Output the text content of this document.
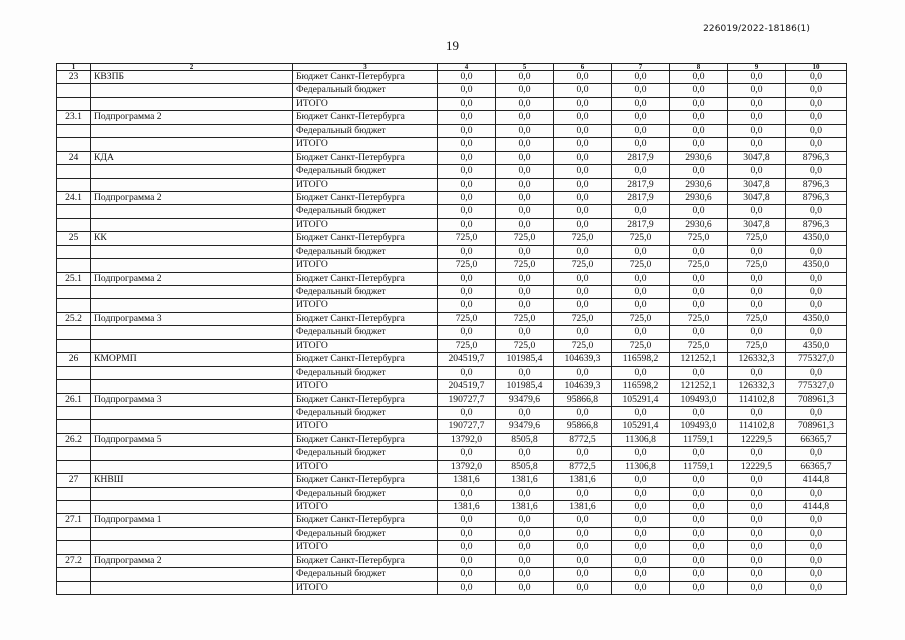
226019/2022-18186(1)
19
1	2	3	4	5	6	7	8	9	10
23	КВЗПБ	Бюджет Санкт-Петербурга	0,0	0,0	0,0	0,0	0,0	0,0	0,0
		Федеральный бюджет	0,0	0,0	0,0	0,0	0,0	0,0	0,0
		ИТОГО	0,0	0,0	0,0	0,0	0,0	0,0	0,0
23.1	Подпрограмма 2	Бюджет Санкт-Петербурга	0,0	0,0	0,0	0,0	0,0	0,0	0,0
		Федеральный бюджет	0,0	0,0	0,0	0,0	0,0	0,0	0,0
		ИТОГО	0,0	0,0	0,0	0,0	0,0	0,0	0,0
24	КДА	Бюджет Санкт-Петербурга	0,0	0,0	0,0	2817,9	2930,6	3047,8	8796,3
		Федеральный бюджет	0,0	0,0	0,0	0,0	0,0	0,0	0,0
		ИТОГО	0,0	0,0	0,0	2817,9	2930,6	3047,8	8796,3
24.1	Подпрограмма 2	Бюджет Санкт-Петербурга	0,0	0,0	0,0	2817,9	2930,6	3047,8	8796,3
		Федеральный бюджет	0,0	0,0	0,0	0,0	0,0	0,0	0,0
		ИТОГО	0,0	0,0	0,0	2817,9	2930,6	3047,8	8796,3
25	КК	Бюджет Санкт-Петербурга	725,0	725,0	725,0	725,0	725,0	725,0	4350,0
		Федеральный бюджет	0,0	0,0	0,0	0,0	0,0	0,0	0,0
		ИТОГО	725,0	725,0	725,0	725,0	725,0	725,0	4350,0
25.1	Подпрограмма 2	Бюджет Санкт-Петербурга	0,0	0,0	0,0	0,0	0,0	0,0	0,0
		Федеральный бюджет	0,0	0,0	0,0	0,0	0,0	0,0	0,0
		ИТОГО	0,0	0,0	0,0	0,0	0,0	0,0	0,0
25.2	Подпрограмма 3	Бюджет Санкт-Петербурга	725,0	725,0	725,0	725,0	725,0	725,0	4350,0
		Федеральный бюджет	0,0	0,0	0,0	0,0	0,0	0,0	0,0
		ИТОГО	725,0	725,0	725,0	725,0	725,0	725,0	4350,0
26	КМОРМП	Бюджет Санкт-Петербурга	204519,7	101985,4	104639,3	116598,2	121252,1	126332,3	775327,0
		Федеральный бюджет	0,0	0,0	0,0	0,0	0,0	0,0	0,0
		ИТОГО	204519,7	101985,4	104639,3	116598,2	121252,1	126332,3	775327,0
26.1	Подпрограмма 3	Бюджет Санкт-Петербурга	190727,7	93479,6	95866,8	105291,4	109493,0	114102,8	708961,3
		Федеральный бюджет	0,0	0,0	0,0	0,0	0,0	0,0	0,0
		ИТОГО	190727,7	93479,6	95866,8	105291,4	109493,0	114102,8	708961,3
26.2	Подпрограмма 5	Бюджет Санкт-Петербурга	13792,0	8505,8	8772,5	11306,8	11759,1	12229,5	66365,7
		Федеральный бюджет	0,0	0,0	0,0	0,0	0,0	0,0	0,0
		ИТОГО	13792,0	8505,8	8772,5	11306,8	11759,1	12229,5	66365,7
27	КНВШ	Бюджет Санкт-Петербурга	1381,6	1381,6	1381,6	0,0	0,0	0,0	4144,8
		Федеральный бюджет	0,0	0,0	0,0	0,0	0,0	0,0	0,0
		ИТОГО	1381,6	1381,6	1381,6	0,0	0,0	0,0	4144,8
27.1	Подпрограмма 1	Бюджет Санкт-Петербурга	0,0	0,0	0,0	0,0	0,0	0,0	0,0
		Федеральный бюджет	0,0	0,0	0,0	0,0	0,0	0,0	0,0
		ИТОГО	0,0	0,0	0,0	0,0	0,0	0,0	0,0
27.2	Подпрограмма 2	Бюджет Санкт-Петербурга	0,0	0,0	0,0	0,0	0,0	0,0	0,0
		Федеральный бюджет	0,0	0,0	0,0	0,0	0,0	0,0	0,0
		ИТОГО	0,0	0,0	0,0	0,0	0,0	0,0	0,0
